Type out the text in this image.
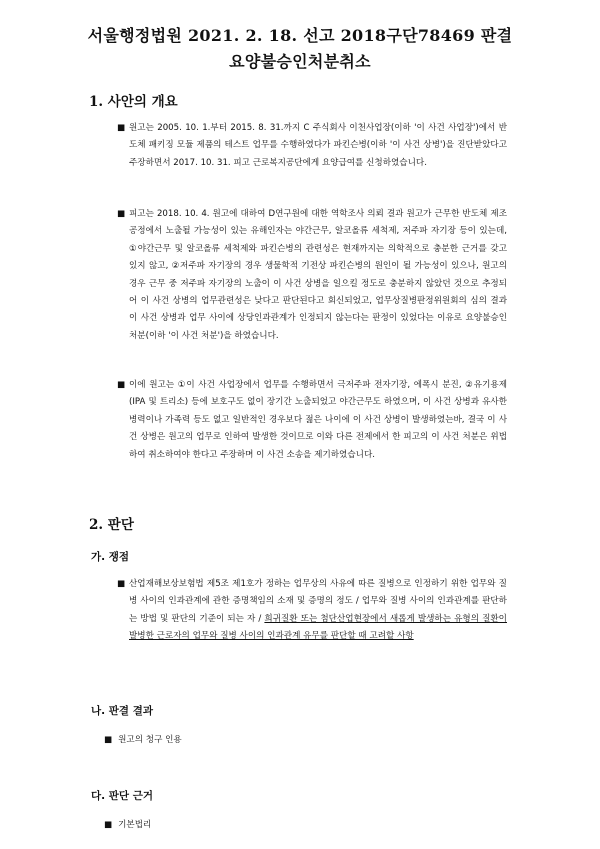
서울행정법원 2021. 2. 18. 선고 2018구단78469 판결
요양불승인처분취소
1. 사안의 개요
■ 원고는 2005. 10. 1.부터 2015. 8. 31.까지 C 주식회사 이천사업장(이하 '이 사건 사업장')에서 반도체 패키징 모듈 제품의 테스트 업무를 수행하였다가 파킨슨병(이하 '이 사건 상병')을 진단받았다고 주장하면서 2017. 10. 31. 피고 근로복지공단에게 요양급여를 신청하였습니다.
■ 피고는 2018. 10. 4. 원고에 대하여 D연구원에 대한 역학조사 의뢰 결과 원고가 근무한 반도체 제조공정에서 노출될 가능성이 있는 유해인자는 야간근무, 알코올류 세척제, 저주파 자기장 등이 있는데, ①야간근무 및 알코올류 세척제와 파킨슨병의 관련성은 현재까지는 의학적으로 충분한 근거를 갖고 있지 않고, ②저주파 자기장의 경우 생물학적 기전상 파킨슨병의 원인이 될 가능성이 있으나, 원고의 경우 근무 중 저주파 자기장의 노출이 이 사건 상병을 일으킬 정도로 충분하지 않았던 것으로 추정되어 이 사건 상병의 업무관련성은 낮다고 판단된다고 회신되었고, 업무상질병판정위원회의 심의 결과 이 사건 상병과 업무 사이에 상당인과관계가 인정되지 않는다는 판정이 있었다는 이유로 요양불승인처분(이하 '이 사건 처분')을 하였습니다.
■ 이에 원고는 ①이 사건 사업장에서 업무를 수행하면서 극저주파 전자기장, 에폭시 분진, ②유기용제(IPA 및 트리소) 등에 보호구도 없이 장기간 노출되었고 야간근무도 하였으며, 이 사건 상병과 유사한 병력이나 가족력 등도 없고 일반적인 경우보다 젊은 나이에 이 사건 상병이 발생하였는바, 결국 이 사건 상병은 원고의 업무로 인하여 발생한 것이므로 이와 다른 전제에서 한 피고의 이 사건 처분은 위법하여 취소하여야 한다고 주장하며 이 사건 소송을 제기하였습니다.
2. 판단
가. 쟁점
■ 산업재해보상보험법 제5조 제1호가 정하는 업무상의 사유에 따른 질병으로 인정하기 위한 업무와 질병 사이의 인과관계에 관한 증명책임의 소재 및 증명의 정도 / 업무와 질병 사이의 인과관계를 판단하는 방법 및 판단의 기준이 되는 자 / 희귀질환 또는 첨단산업현장에서 새롭게 발생하는 유형의 질환이 발병한 근로자의 업무와 질병 사이의 인과관계 유무를 판단할 때 고려할 사항
나. 판결 결과
■ 원고의 청구 인용
다. 판단 근거
■ 기본법리
